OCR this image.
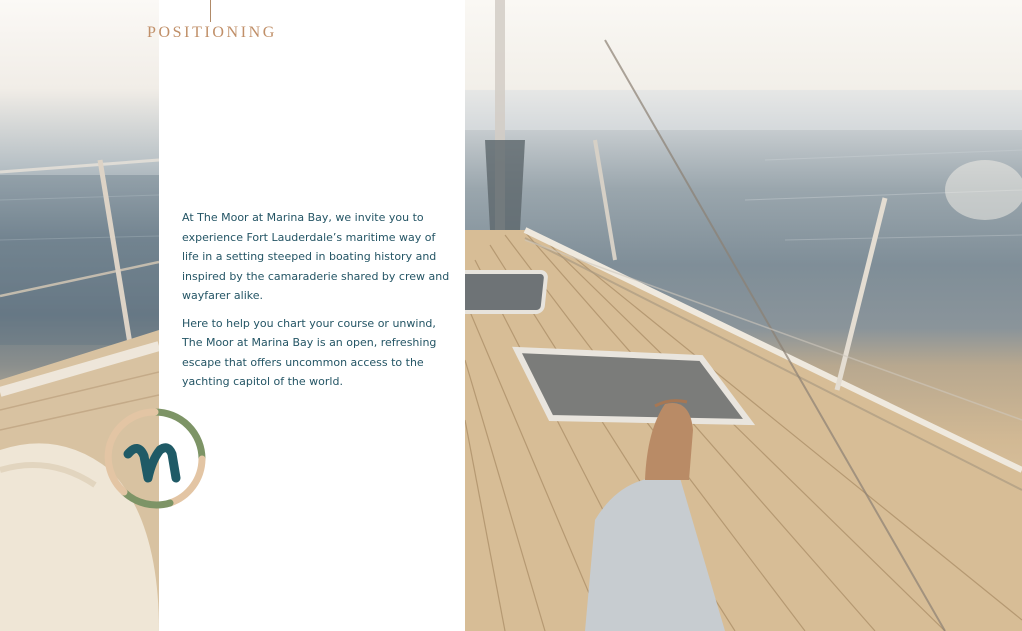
POSITIONING

At The Moor at Marina Bay, we invite you to experience Fort Lauderdale’s maritime way of life in a setting steeped in boating history and inspired by the camaraderie shared by crew and wayfarer alike.

Here to help you chart your course or unwind, The Moor at Marina Bay is an open, refreshing escape that offers uncommon access to the yachting capitol of the world.
